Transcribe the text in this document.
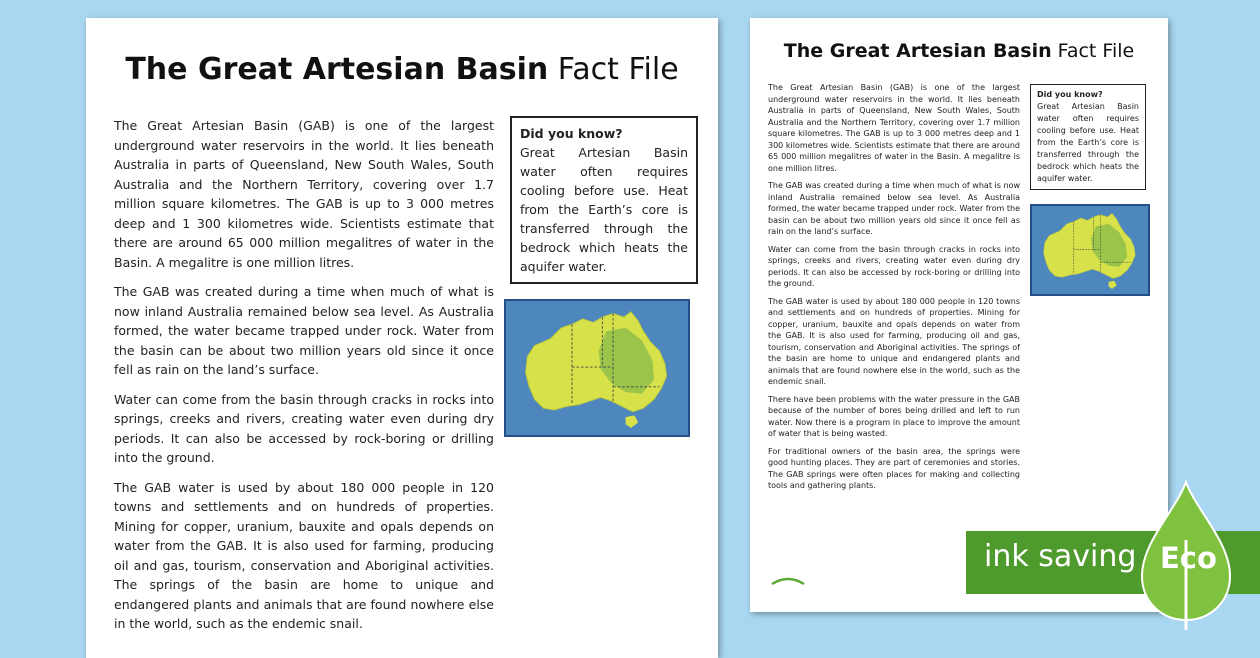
The Great Artesian Basin Fact File

The Great Artesian Basin (GAB) is one of the largest underground water reservoirs in the world. It lies beneath Australia in parts of Queensland, New South Wales, South Australia and the Northern Territory, covering over 1.7 million square kilometres. The GAB is up to 3 000 metres deep and 1 300 kilometres wide. Scientists estimate that there are around 65 000 million megalitres of water in the Basin. A megalitre is one million litres.

The GAB was created during a time when much of what is now inland Australia remained below sea level. As Australia formed, the water became trapped under rock. Water from the basin can be about two million years old since it once fell as rain on the land’s surface.

Water can come from the basin through cracks in rocks into springs, creeks and rivers, creating water even during dry periods. It can also be accessed by rock-boring or drilling into the ground.

The GAB water is used by about 180 000 people in 120 towns and settlements and on hundreds of properties. Mining for copper, uranium, bauxite and opals depends on water from the GAB. It is also used for farming, producing oil and gas, tourism, conservation and Aboriginal activities. The springs of the basin are home to unique and endangered plants and animals that are found nowhere else in the world, such as the endemic snail.

Did you know?
Great Artesian Basin water often requires cooling before use. Heat from the Earth’s core is transferred through the bedrock which heats the aquifer water.
The Great Artesian Basin Fact File

The Great Artesian Basin (GAB) is one of the largest underground water reservoirs in the world. It lies beneath Australia in parts of Queensland, New South Wales, South Australia and the Northern Territory, covering over 1.7 million square kilometres. The GAB is up to 3 000 metres deep and 1 300 kilometres wide. Scientists estimate that there are around 65 000 million megalitres of water in the Basin. A megalitre is one million litres.

The GAB was created during a time when much of what is now inland Australia remained below sea level. As Australia formed, the water became trapped under rock. Water from the basin can be about two million years old since it once fell as rain on the land’s surface.

Water can come from the basin through cracks in rocks into springs, creeks and rivers, creating water even during dry periods. It can also be accessed by rock-boring or drilling into the ground.

The GAB water is used by about 180 000 people in 120 towns and settlements and on hundreds of properties. Mining for copper, uranium, bauxite and opals depends on water from the GAB. It is also used for farming, producing oil and gas, tourism, conservation and Aboriginal activities. The springs of the basin are home to unique and endangered plants and animals that are found nowhere else in the world, such as the endemic snail.

There have been problems with the water pressure in the GAB because of the number of bores being drilled and left to run water. Now there is a program in place to improve the amount of water that is being wasted.

For traditional owners of the basin area, the springs were good hunting places. They are part of ceremonies and stories. The GAB springs were often places for making and collecting tools and gathering plants.

Did you know?
Great Artesian Basin water often requires cooling before use. Heat from the Earth’s core is transferred through the bedrock which heats the aquifer water.
ink saving Eco
